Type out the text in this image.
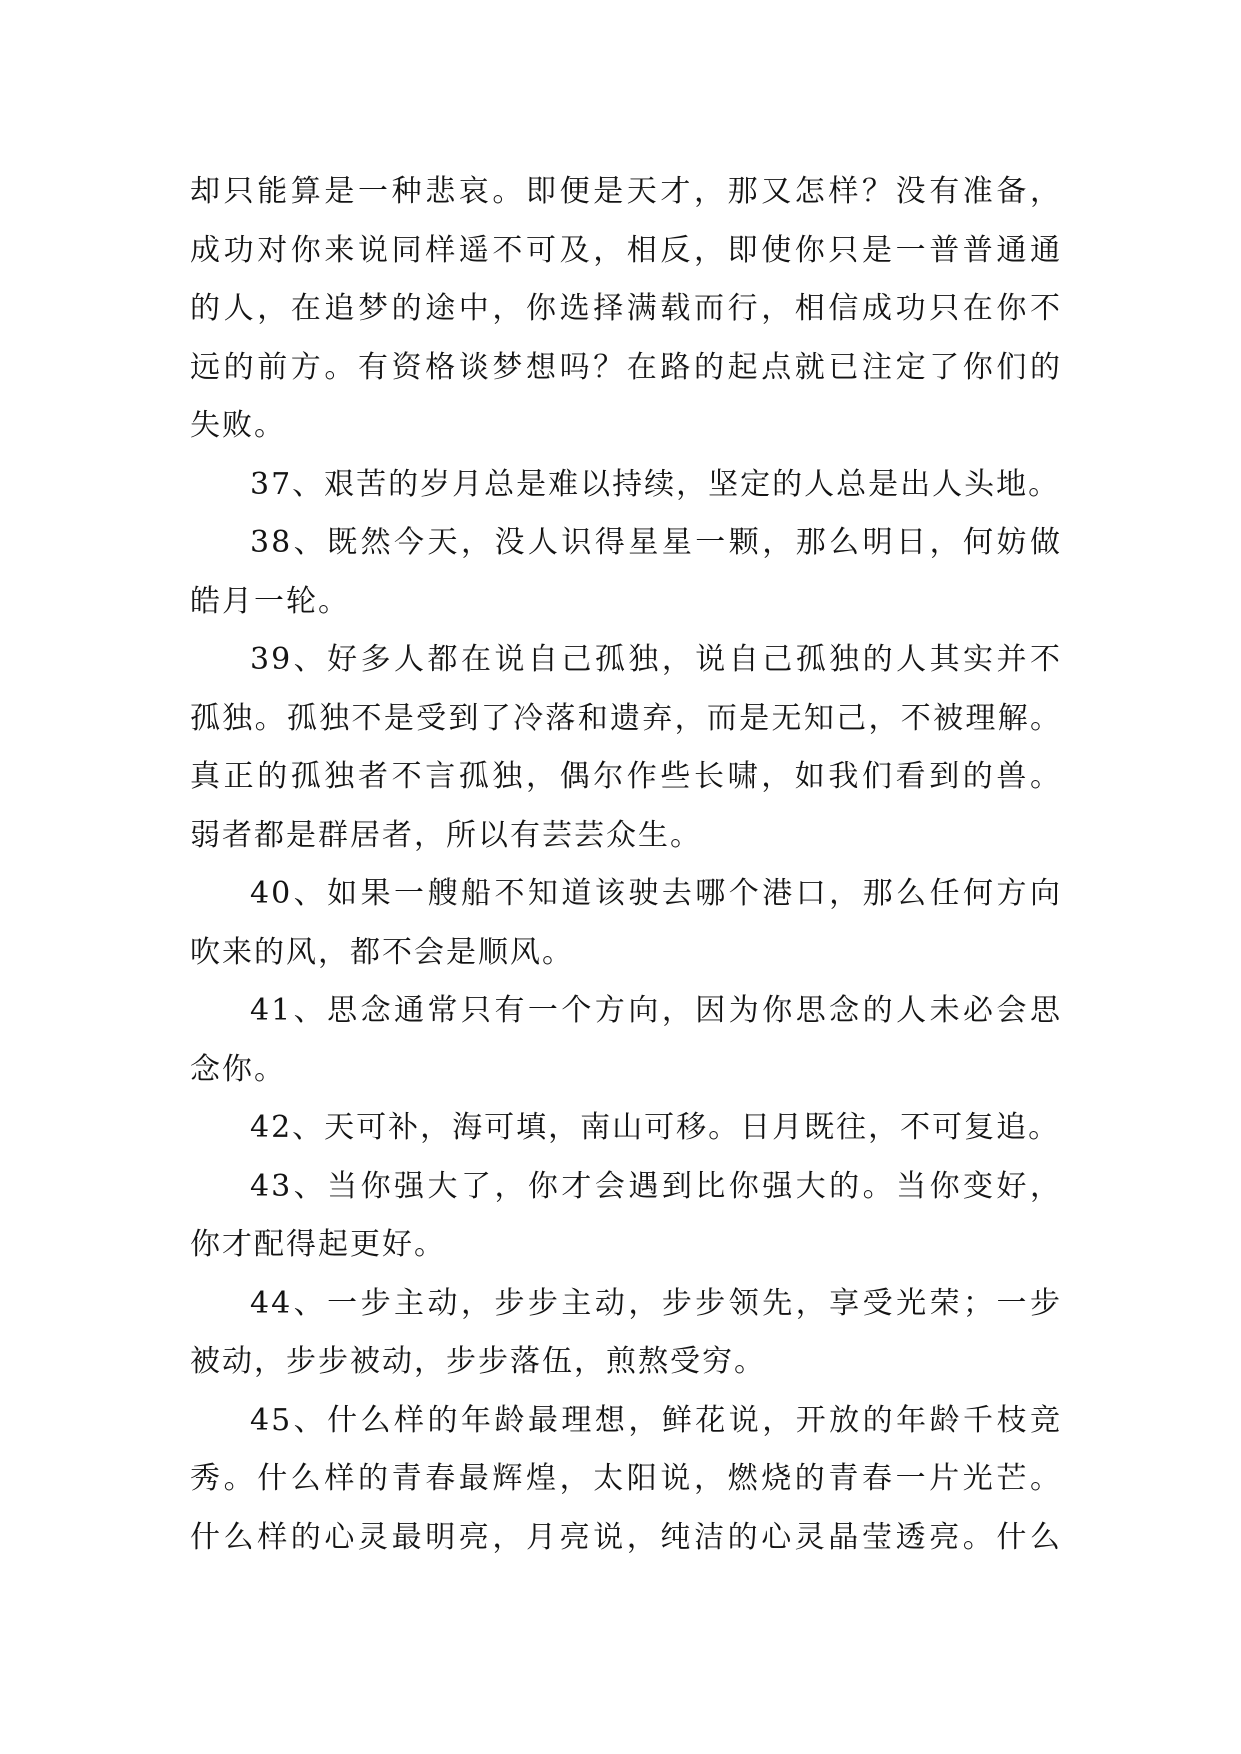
却只能算是一种悲哀。即便是天才，那又怎样？没有准备，
成功对你来说同样遥不可及，相反，即使你只是一普普通通
的人，在追梦的途中，你选择满载而行，相信成功只在你不
远的前方。有资格谈梦想吗？在路的起点就已注定了你们的
失败。
37、艰苦的岁月总是难以持续，坚定的人总是出人头地。
38、既然今天，没人识得星星一颗，那么明日，何妨做
皓月一轮。
39、好多人都在说自己孤独，说自己孤独的人其实并不
孤独。孤独不是受到了冷落和遗弃，而是无知己，不被理解。
真正的孤独者不言孤独，偶尔作些长啸，如我们看到的兽。
弱者都是群居者，所以有芸芸众生。
40、如果一艘船不知道该驶去哪个港口，那么任何方向
吹来的风，都不会是顺风。
41、思念通常只有一个方向，因为你思念的人未必会思
念你。
42、天可补，海可填，南山可移。日月既往，不可复追。
43、当你强大了，你才会遇到比你强大的。当你变好，
你才配得起更好。
44、一步主动，步步主动，步步领先，享受光荣；一步
被动，步步被动，步步落伍，煎熬受穷。
45、什么样的年龄最理想，鲜花说，开放的年龄千枝竞
秀。什么样的青春最辉煌，太阳说，燃烧的青春一片光芒。
什么样的心灵最明亮，月亮说，纯洁的心灵晶莹透亮。什么
